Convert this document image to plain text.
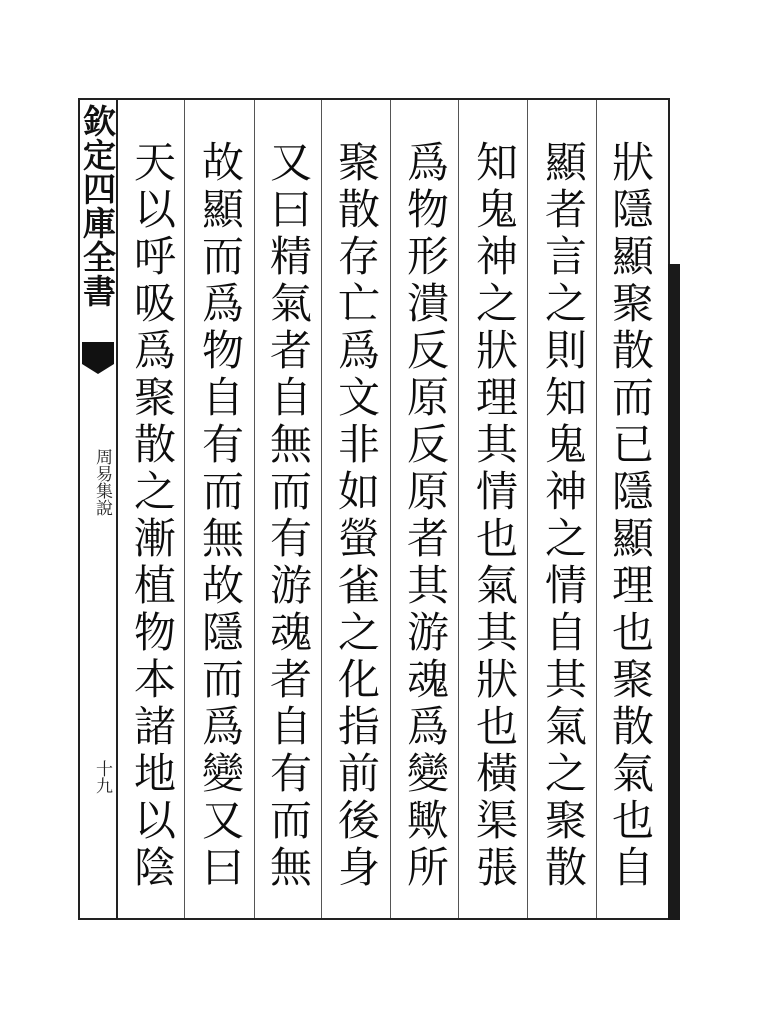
欽定四庫全書
周易集說
十九
狀隱顯聚散而已隱顯理也聚散氣也自
顯者言之則知鬼神之情自其氣之聚散
知鬼神之狀理其情也氣其狀也橫渠張
爲物形潰反原反原者其游魂爲變歟所
聚散存亡爲文非如螢雀之化指前後身
又曰精氣者自無而有游魂者自有而無
故顯而爲物自有而無故隱而爲變又曰
天以呼吸爲聚散之漸植物本諸地以陰
